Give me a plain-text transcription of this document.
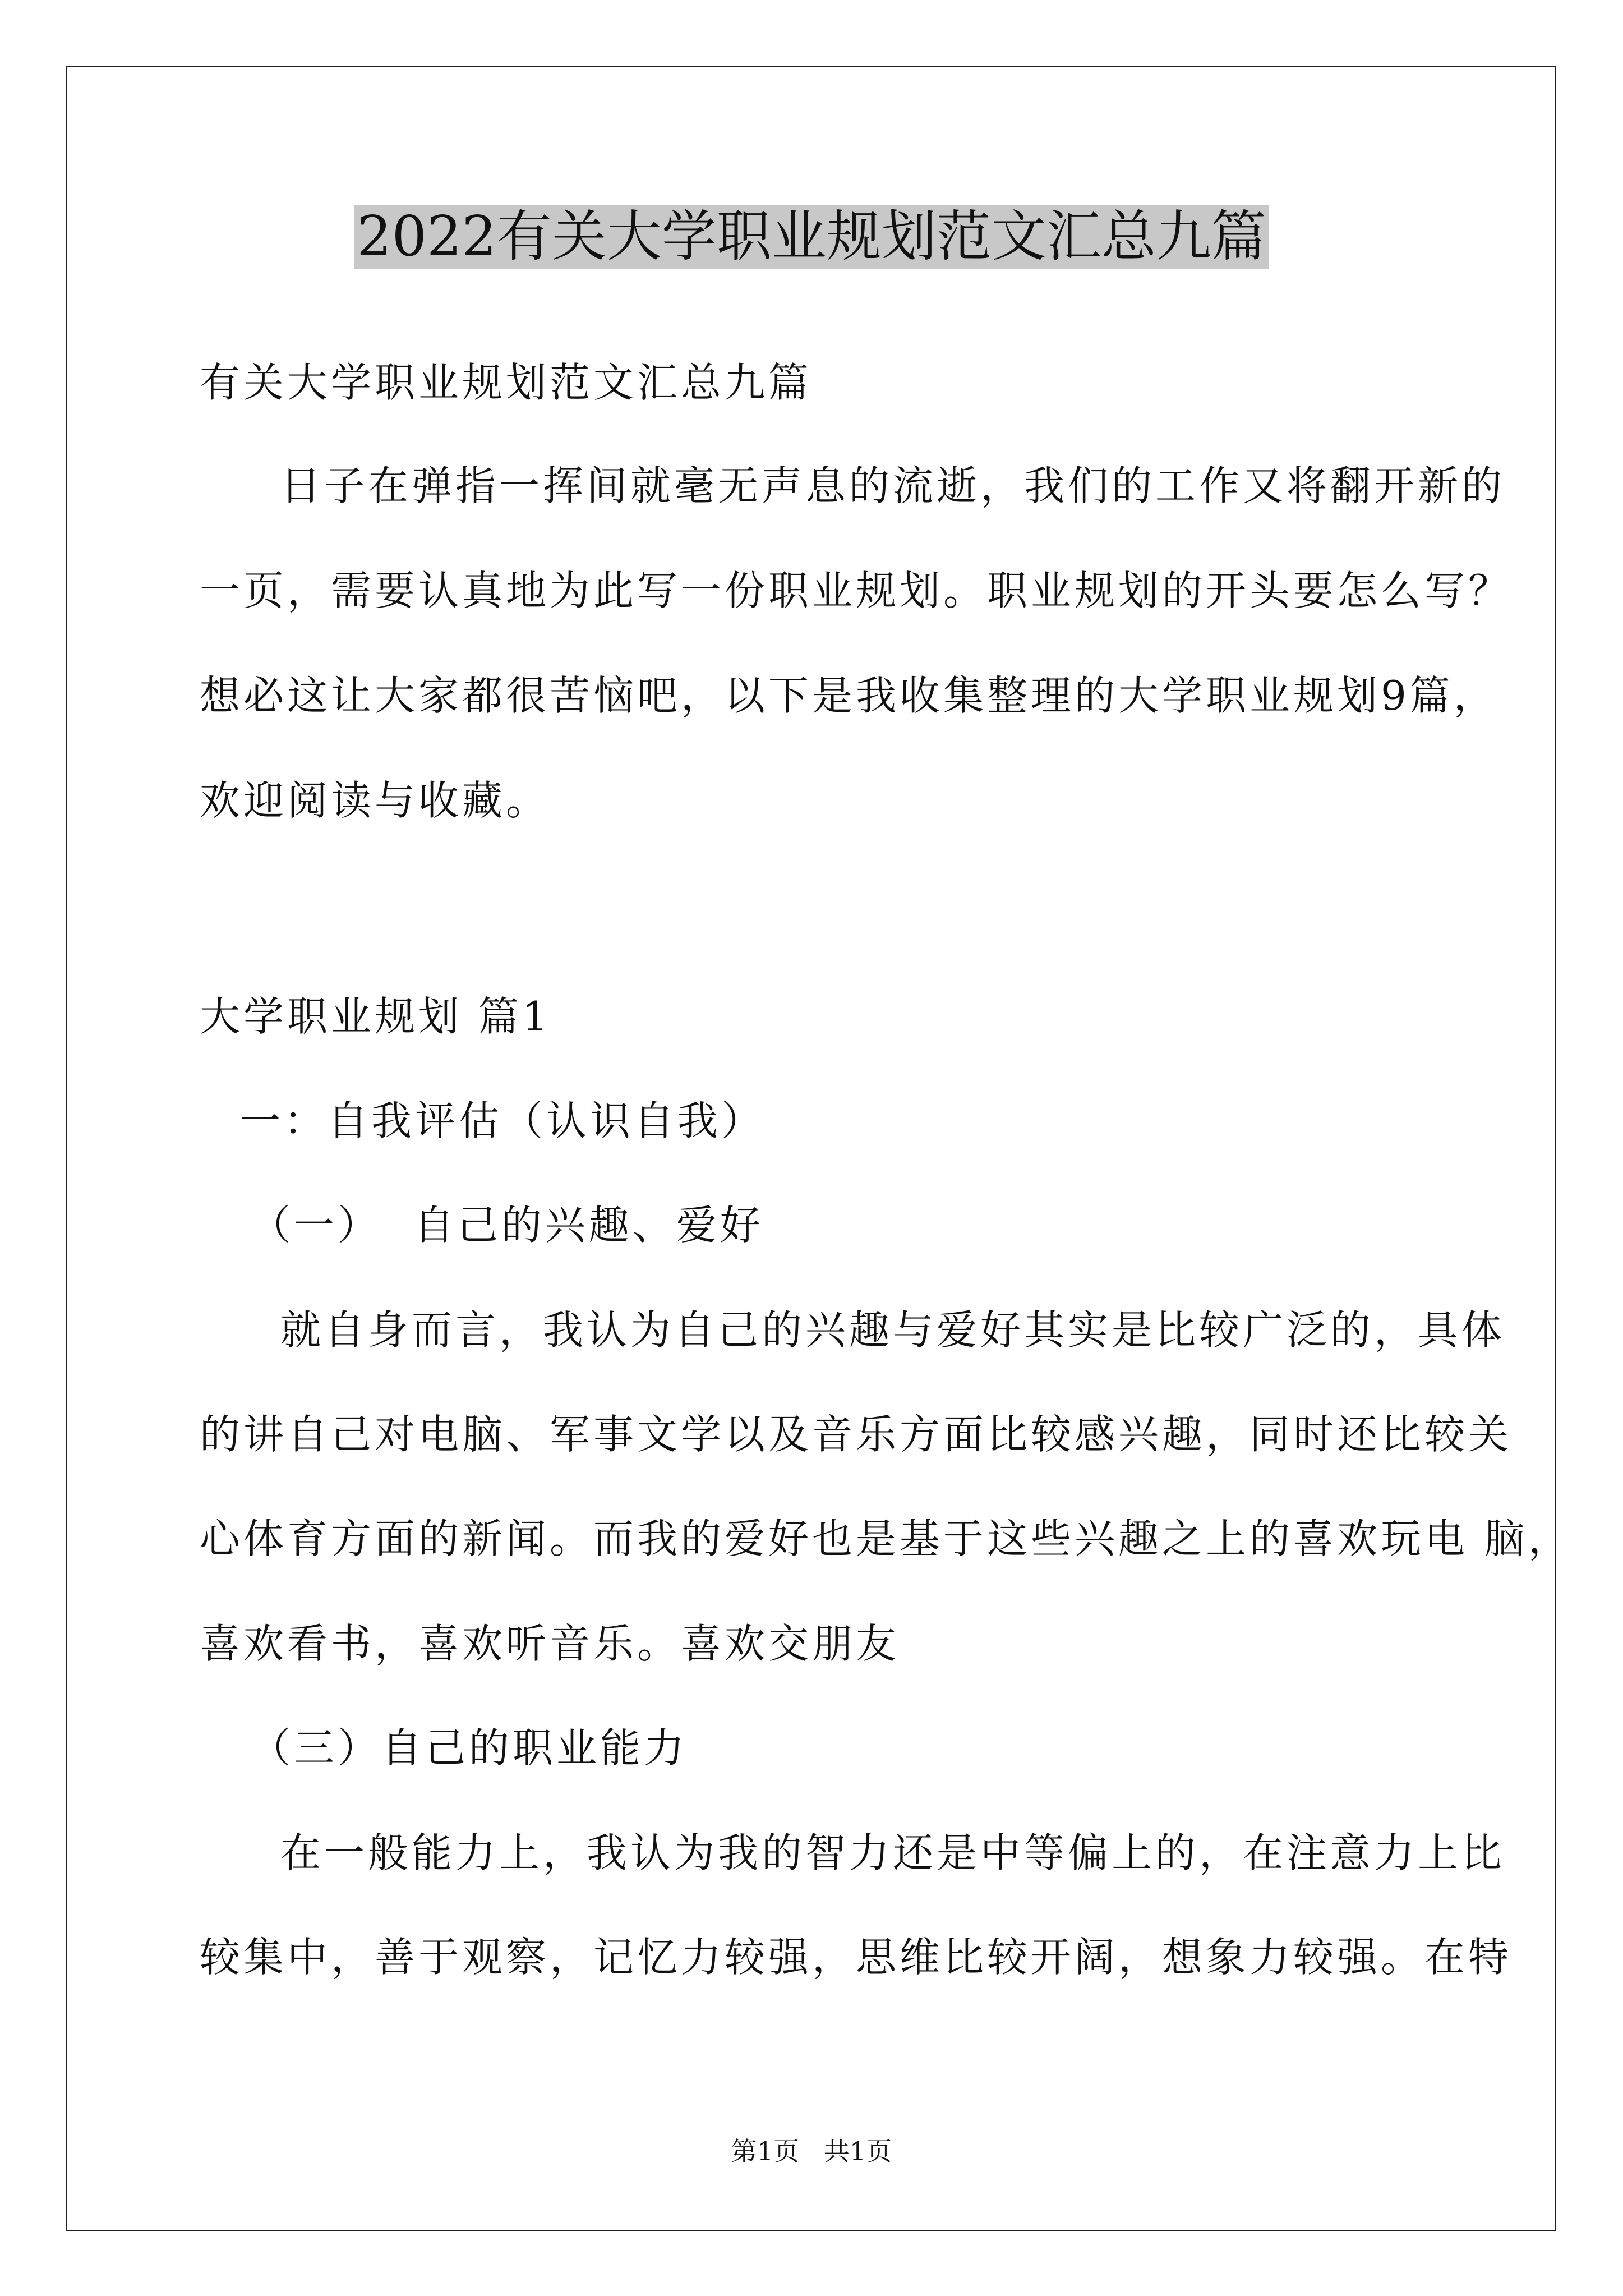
2022有关大学职业规划范文汇总九篇

有关大学职业规划范文汇总九篇

日子在弹指一挥间就毫无声息的流逝，我们的工作又将翻开新的

一页，需要认真地为此写一份职业规划。职业规划的开头要怎么写？

想必这让大家都很苦恼吧，以下是我收集整理的大学职业规划9篇，

欢迎阅读与收藏。

大学职业规划 篇1

一：自我评估（认识自我）

（一）  自己的兴趣、爱好

就自身而言，我认为自己的兴趣与爱好其实是比较广泛的，具体

的讲自己对电脑、军事文学以及音乐方面比较感兴趣，同时还比较关

心体育方面的新闻。而我的爱好也是基于这些兴趣之上的喜欢玩电 脑，

喜欢看书，喜欢听音乐。喜欢交朋友

（三）自己的职业能力

在一般能力上，我认为我的智力还是中等偏上的，在注意力上比

较集中，善于观察，记忆力较强，思维比较开阔，想象力较强。在特

第1页   共1页
